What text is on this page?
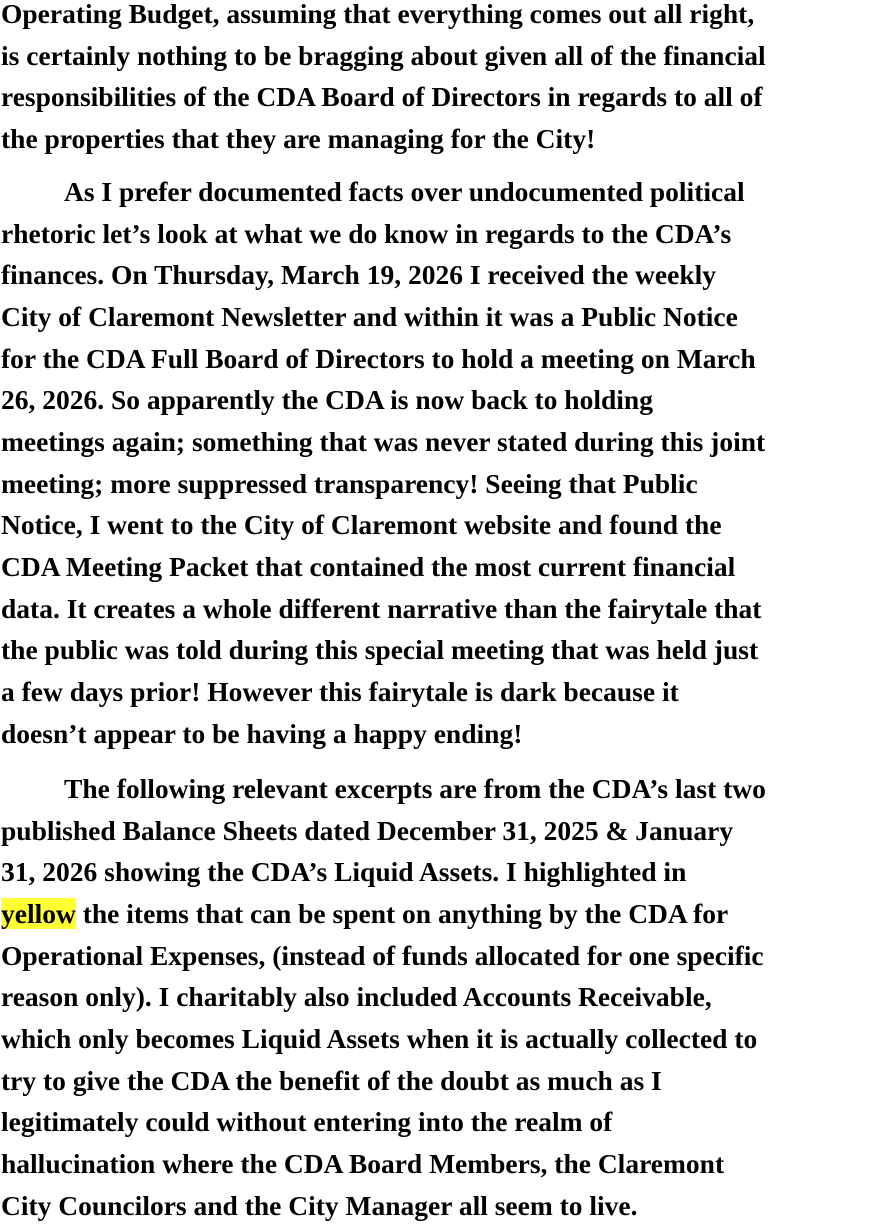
Operating Budget, assuming that everything comes out all right,
is certainly nothing to be bragging about given all of the financial
responsibilities of the CDA Board of Directors in regards to all of
the properties that they are managing for the City!
As I prefer documented facts over undocumented political
rhetoric let’s look at what we do know in regards to the CDA’s
finances. On Thursday, March 19, 2026 I received the weekly
City of Claremont Newsletter and within it was a Public Notice
for the CDA Full Board of Directors to hold a meeting on March
26, 2026. So apparently the CDA is now back to holding
meetings again; something that was never stated during this joint
meeting; more suppressed transparency! Seeing that Public
Notice, I went to the City of Claremont website and found the
CDA Meeting Packet that contained the most current financial
data. It creates a whole different narrative than the fairytale that
the public was told during this special meeting that was held just
a few days prior! However this fairytale is dark because it
doesn’t appear to be having a happy ending!
The following relevant excerpts are from the CDA’s last two
published Balance Sheets dated December 31, 2025 & January
31, 2026 showing the CDA’s Liquid Assets. I highlighted in
yellow the items that can be spent on anything by the CDA for
Operational Expenses, (instead of funds allocated for one specific
reason only). I charitably also included Accounts Receivable,
which only becomes Liquid Assets when it is actually collected to
try to give the CDA the benefit of the doubt as much as I
legitimately could without entering into the realm of
hallucination where the CDA Board Members, the Claremont
City Councilors and the City Manager all seem to live.
